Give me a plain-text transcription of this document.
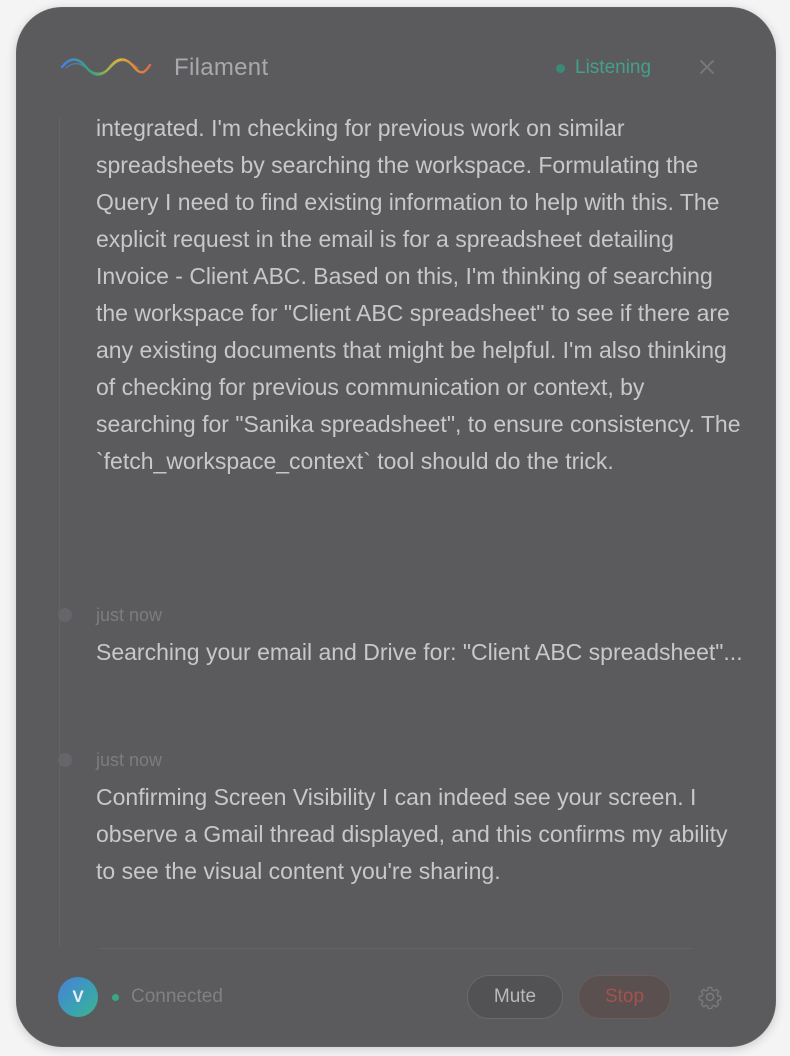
Filament	Listening
integrated. I'm checking for previous work on similar spreadsheets by searching the workspace. Formulating the Query I need to find existing information to help with this. The explicit request in the email is for a spreadsheet detailing Invoice - Client ABC. Based on this, I'm thinking of searching the workspace for "Client ABC spreadsheet" to see if there are any existing documents that might be helpful. I'm also thinking of checking for previous communication or context, by searching for "Sanika spreadsheet", to ensure consistency. The `fetch_workspace_context` tool should do the trick.
just now
Searching your email and Drive for: "Client ABC spreadsheet"...
just now
Confirming Screen Visibility I can indeed see your screen. I observe a Gmail thread displayed, and this confirms my ability to see the visual content you're sharing.
V	Connected	Mute	Stop
